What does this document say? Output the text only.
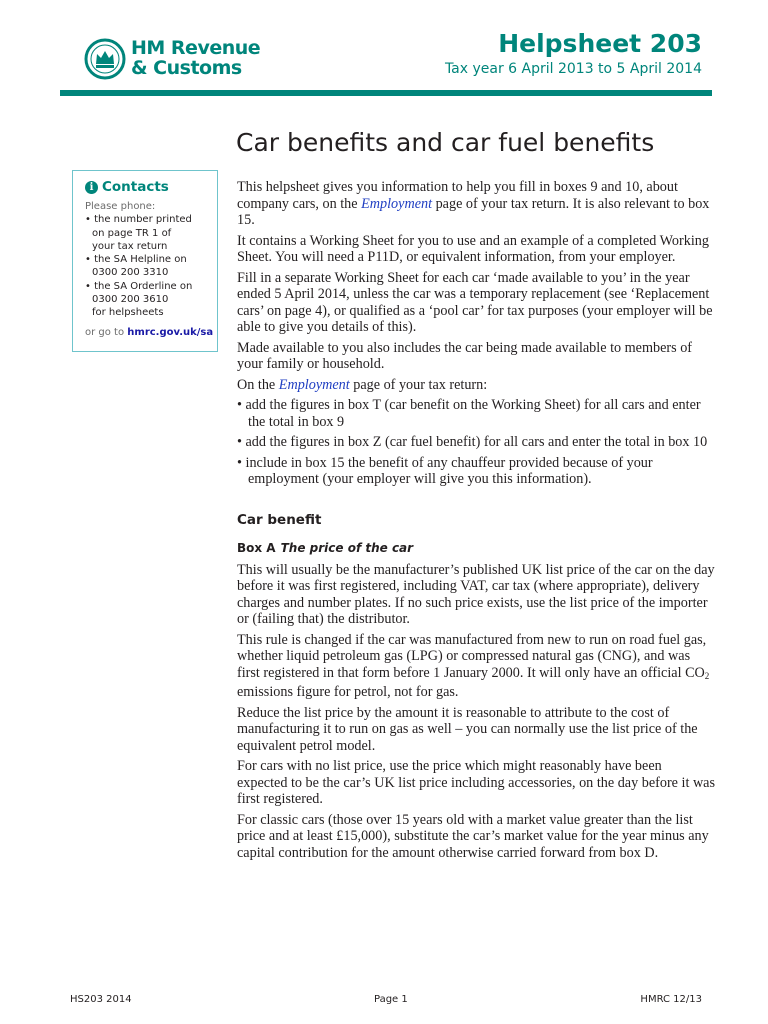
HM Revenue
& Customs
Helpsheet 203
Tax year 6 April 2013 to 5 April 2014
Car benefits and car fuel benefits
i Contacts
Please phone:
• the number printed
on page TR 1 of
your tax return
• the SA Helpline on
0300 200 3310
• the SA Orderline on
0300 200 3610
for helpsheets
or go to hmrc.gov.uk/sa

This helpsheet gives you information to help you fill in boxes 9 and 10, about company cars, on the Employment page of your tax return. It is also relevant to box 15.

It contains a Working Sheet for you to use and an example of a completed Working Sheet. You will need a P11D, or equivalent information, from your employer.

Fill in a separate Working Sheet for each car ‘made available to you’ in the year ended 5 April 2014, unless the car was a temporary replacement (see ‘Replacement cars’ on page 4), or qualified as a ‘pool car’ for tax purposes (your employer will be able to give you details of this).

Made available to you also includes the car being made available to members of your family or household.

On the Employment page of your tax return:

• add the figures in box T (car benefit on the Working Sheet) for all cars and enter the total in box 9
• add the figures in box Z (car fuel benefit) for all cars and enter the total in box 10
• include in box 15 the benefit of any chauffeur provided because of your employment (your employer will give you this information).
Car benefit
Box A The price of the car

This will usually be the manufacturer’s published UK list price of the car on the day before it was first registered, including VAT, car tax (where appropriate), delivery charges and number plates. If no such price exists, use the list price of the importer or (failing that) the distributor.

This rule is changed if the car was manufactured from new to run on road fuel gas, whether liquid petroleum gas (LPG) or compressed natural gas (CNG), and was first registered in that form before 1 January 2000. It will only have an official $CO_2$ emissions figure for petrol, not for gas.

Reduce the list price by the amount it is reasonable to attribute to the cost of manufacturing it to run on gas as well – you can normally use the list price of the equivalent petrol model.

For cars with no list price, use the price which might reasonably have been expected to be the car’s UK list price including accessories, on the day before it was first registered.

For classic cars (those over 15 years old with a market value greater than the list price and at least £15,000), substitute the car’s market value for the year minus any capital contribution for the amount otherwise carried forward from box D.

HS203 2014	Page 1	HMRC 12/13
